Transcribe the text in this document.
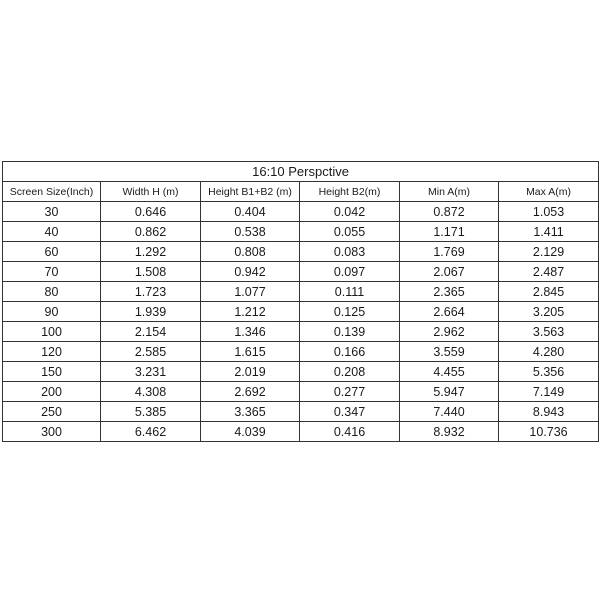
16:10 Perspctive					
Screen Size(Inch)	Width H (m)	Height B1+B2 (m)	Height B2(m)	Min A(m)	Max A(m)
30	0.646	0.404	0.042	0.872	1.053
40	0.862	0.538	0.055	1.171	1.411
60	1.292	0.808	0.083	1.769	2.129
70	1.508	0.942	0.097	2.067	2.487
80	1.723	1.077	0.111	2.365	2.845
90	1.939	1.212	0.125	2.664	3.205
100	2.154	1.346	0.139	2.962	3.563
120	2.585	1.615	0.166	3.559	4.280
150	3.231	2.019	0.208	4.455	5.356
200	4.308	2.692	0.277	5.947	7.149
250	5.385	3.365	0.347	7.440	8.943
300	6.462	4.039	0.416	8.932	10.736
